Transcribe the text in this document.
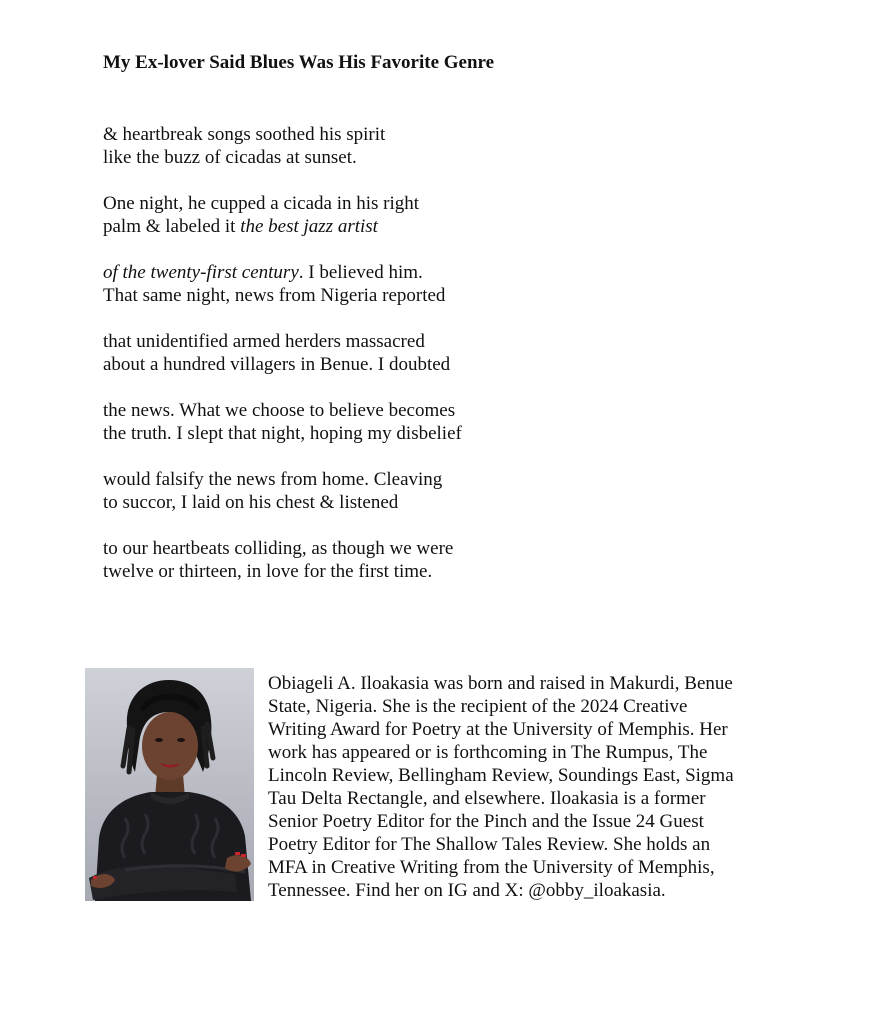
My Ex-lover Said Blues Was His Favorite Genre
& heartbreak songs soothed his spirit
like the buzz of cicadas at sunset.
One night, he cupped a cicada in his right
palm & labeled it the best jazz artist
of the twenty-first century. I believed him.
That same night, news from Nigeria reported
that unidentified armed herders massacred
about a hundred villagers in Benue. I doubted
the news. What we choose to believe becomes
the truth. I slept that night, hoping my disbelief
would falsify the news from home. Cleaving
to succor, I laid on his chest & listened
to our heartbeats colliding, as though we were
twelve or thirteen, in love for the first time.
Obiageli A. Iloakasia was born and raised in Makurdi, Benue
State, Nigeria. She is the recipient of the 2024 Creative
Writing Award for Poetry at the University of Memphis. Her
work has appeared or is forthcoming in The Rumpus, The
Lincoln Review, Bellingham Review, Soundings East, Sigma
Tau Delta Rectangle, and elsewhere. Iloakasia is a former
Senior Poetry Editor for the Pinch and the Issue 24 Guest
Poetry Editor for The Shallow Tales Review. She holds an
MFA in Creative Writing from the University of Memphis,
Tennessee. Find her on IG and X: @obby_iloakasia.
